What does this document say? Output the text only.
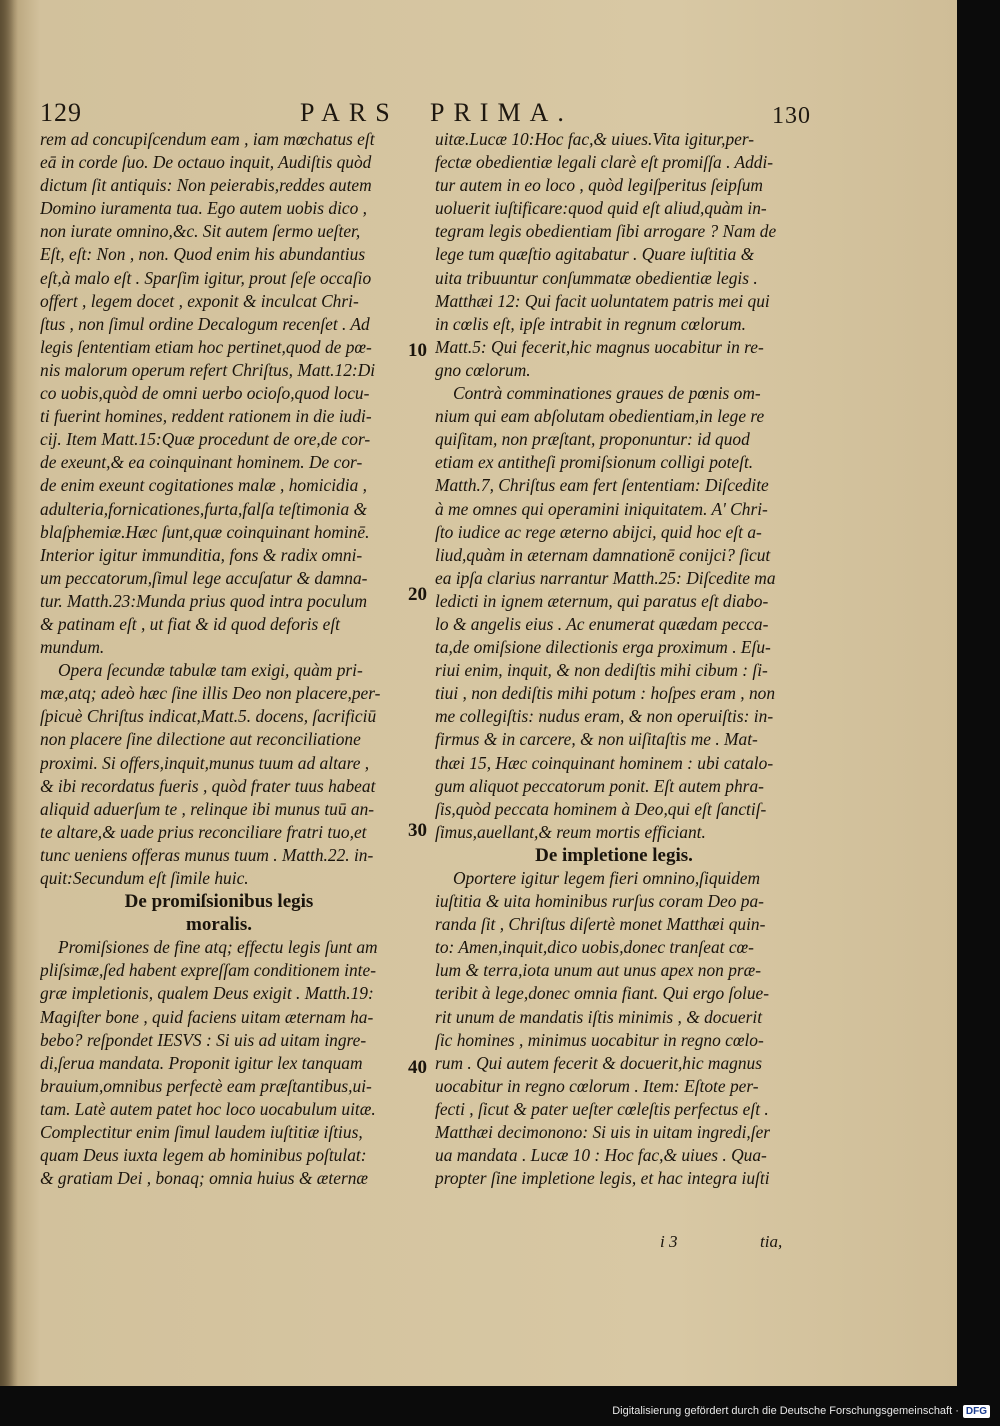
129	PARS PRIMA.	130
rem ad concupiſcendum eam , iam mœchatus eſt
eā in corde ſuo. De octauo inquit, Audiſtis quòd
dictum ſit antiquis: Non peierabis,reddes autem
Domino iuramenta tua. Ego autem uobis dico ,
non iurate omnino,&c. Sit autem ſermo ueſter,
Eſt, eſt: Non , non. Quod enim his abundantius
eſt,à malo eſt . Sparſim igitur, prout ſeſe occaſio
offert , legem docet , exponit & inculcat Chri-
ſtus , non ſimul ordine Decalogum recenſet . Ad
legis ſententiam etiam hoc pertinet,quod de pœ-
nis malorum operum refert Chriſtus, Matt.12:Di
co uobis,quòd de omni uerbo ocioſo,quod locu-
ti fuerint homines, reddent rationem in die iudi-
cij. Item Matt.15:Quæ procedunt de ore,de cor-
de exeunt,& ea coinquinant hominem. De cor-
de enim exeunt cogitationes malæ , homicidia ,
adulteria,fornicationes,furta,falſa teſtimonia &
blaſphemiæ.Hæc ſunt,quæ coinquinant hominē.
Interior igitur immunditia, fons & radix omni-
um peccatorum,ſimul lege accuſatur & damna-
tur. Matth.23:Munda prius quod intra poculum
& patinam eſt , ut fiat & id quod deforis eſt
mundum.
Opera ſecundæ tabulæ tam exigi, quàm pri-
mæ,atq; adeò hæc ſine illis Deo non placere,per-
ſpicuè Chriſtus indicat,Matt.5. docens, ſacrificiū
non placere ſine dilectione aut reconciliatione
proximi. Si offers,inquit,munus tuum ad altare ,
& ibi recordatus fueris , quòd frater tuus habeat
aliquid aduerſum te , relinque ibi munus tuū an-
te altare,& uade prius reconciliare fratri tuo,et
tunc ueniens offeras munus tuum . Matth.22. in-
quit:Secundum eſt ſimile huic.
De promiſsionibus legis
moralis.
Promiſsiones de fine atq; effectu legis ſunt am
pliſsimæ,ſed habent expreſſam conditionem inte-
græ impletionis, qualem Deus exigit . Matth.19:
Magiſter bone , quid faciens uitam æternam ha-
bebo? reſpondet IESVS : Si uis ad uitam ingre-
di,ſerua mandata. Proponit igitur lex tanquam
brauium,omnibus perfectè eam præſtantibus,ui-
tam. Latè autem patet hoc loco uocabulum uitæ.
Complectitur enim ſimul laudem iuſtitiæ iſtius,
quam Deus iuxta legem ab hominibus poſtulat:
& gratiam Dei , bonaq; omnia huius & æternæ
uitæ.Lucæ 10:Hoc fac,& uiues.Vita igitur,per-
fectæ obedientiæ legali clarè eſt promiſſa . Addi-
tur autem in eo loco , quòd legiſperitus ſeipſum
uoluerit iuſtificare:quod quid eſt aliud,quàm in-
tegram legis obedientiam ſibi arrogare ? Nam de
lege tum quæſtio agitabatur . Quare iuſtitia &
uita tribuuntur conſummatæ obedientiæ legis .
Matthæi 12: Qui facit uoluntatem patris mei qui
in cœlis eſt, ipſe intrabit in regnum cœlorum.
Matt.5: Qui fecerit,hic magnus uocabitur in re-
gno cœlorum.
Contrà comminationes graues de pœnis om-
nium qui eam abſolutam obedientiam,in lege re
quiſitam, non præſtant, proponuntur: id quod
etiam ex antitheſi promiſsionum colligi poteſt.
Matth.7, Chriſtus eam fert ſententiam: Diſcedite
à me omnes qui operamini iniquitatem. A' Chri-
ſto iudice ac rege æterno abijci, quid hoc eſt a-
liud,quàm in æternam damnationē conijci? ſicut
ea ipſa clarius narrantur Matth.25: Diſcedite ma
ledicti in ignem æternum, qui paratus eſt diabo-
lo & angelis eius . Ac enumerat quædam pecca-
ta,de omiſsione dilectionis erga proximum . Eſu-
riui enim, inquit, & non dediſtis mihi cibum : ſi-
tiui , non dediſtis mihi potum : hoſpes eram , non
me collegiſtis: nudus eram, & non operuiſtis: in-
firmus & in carcere, & non uiſitaſtis me . Mat-
thæi 15, Hæc coinquinant hominem : ubi catalo-
gum aliquot peccatorum ponit. Eſt autem phra-
ſis,quòd peccata hominem à Deo,qui eſt ſanctiſ-
ſimus,auellant,& reum mortis efficiant.
De impletione legis.
Oportere igitur legem fieri omnino,ſiquidem
iuſtitia & uita hominibus rurſus coram Deo pa-
randa ſit , Chriſtus diſertè monet Matthæi quin-
to: Amen,inquit,dico uobis,donec tranſeat cœ-
lum & terra,iota unum aut unus apex non præ-
teribit à lege,donec omnia fiant. Qui ergo ſolue-
rit unum de mandatis iſtis minimis , & docuerit
ſic homines , minimus uocabitur in regno cœlo-
rum . Qui autem fecerit & docuerit,hic magnus
uocabitur in regno cœlorum . Item: Eſtote per-
fecti , ſicut & pater ueſter cœleſtis perfectus eſt .
Matthæi decimonono: Si uis in uitam ingredi,ſer
ua mandata . Lucæ 10 : Hoc fac,& uiues . Qua-
propter ſine impletione legis, et hac integra iuſti
10
20
30
40
i 3	tia,
Digitalisierung gefördert durch die Deutsche Forschungsgemeinschaft · DFG
